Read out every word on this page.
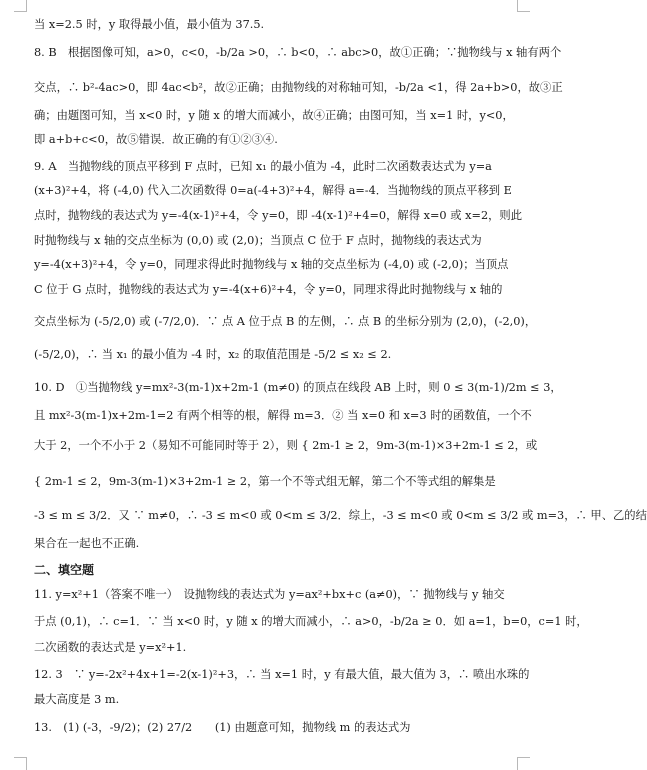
当 x=2.5 时，y 取得最小值，最小值为 37.5.
8. B　根据图像可知，a>0，c<0，-b/2a >0，∴ b<0，∴ abc>0，故①正确；∵抛物线与 x 轴有两个
交点，∴ b²-4ac>0，即 4ac<b²，故②正确；由抛物线的对称轴可知，-b/2a <1，得 2a+b>0，故③正
确；由题图可知，当 x<0 时，y 随 x 的增大而减小，故④正确；由图可知，当 x=1 时，y<0，
即 a+b+c<0，故⑤错误．故正确的有①②③④.
9. A　当抛物线的顶点平移到 F 点时，已知 x₁ 的最小值为 -4，此时二次函数表达式为 y=a
(x+3)²+4，将 (-4,0) 代入二次函数得 0=a(-4+3)²+4，解得 a=-4．当抛物线的顶点平移到 E
点时，抛物线的表达式为 y=-4(x-1)²+4，令 y=0，即 -4(x-1)²+4=0，解得 x=0 或 x=2，则此
时抛物线与 x 轴的交点坐标为 (0,0) 或 (2,0)；当顶点 C 位于 F 点时，抛物线的表达式为
y=-4(x+3)²+4，令 y=0，同理求得此时抛物线与 x 轴的交点坐标为 (-4,0) 或 (-2,0)；当顶点
C 位于 G 点时，抛物线的表达式为 y=-4(x+6)²+4，令 y=0，同理求得此时抛物线与 x 轴的
交点坐标为 (-5/2,0) 或 (-7/2,0)．∵ 点 A 位于点 B 的左侧，∴ 点 B 的坐标分别为 (2,0)，(-2,0)，
(-5/2,0)，∴ 当 x₁ 的最小值为 -4 时，x₂ 的取值范围是 -5/2 ≤ x₂ ≤ 2.
10. D　①当抛物线 y=mx²-3(m-1)x+2m-1 (m≠0) 的顶点在线段 AB 上时，则 0 ≤ 3(m-1)/2m ≤ 3，
且 mx²-3(m-1)x+2m-1=2 有两个相等的根，解得 m=3．② 当 x=0 和 x=3 时的函数值，一个不
大于 2，一个不小于 2（易知不可能同时等于 2），则 { 2m-1 ≥ 2，9m-3(m-1)×3+2m-1 ≤ 2，或
{ 2m-1 ≤ 2，9m-3(m-1)×3+2m-1 ≥ 2，第一个不等式组无解，第二个不等式组的解集是
-3 ≤ m ≤ 3/2．又 ∵ m≠0，∴ -3 ≤ m<0 或 0<m ≤ 3/2．综上，-3 ≤ m<0 或 0<m ≤ 3/2 或 m=3，∴ 甲、乙的结
果合在一起也不正确.
二、填空题
11. y=x²+1（答案不唯一）　设抛物线的表达式为 y=ax²+bx+c (a≠0)，∵ 抛物线与 y 轴交
于点 (0,1)，∴ c=1．∵ 当 x<0 时，y 随 x 的增大而减小，∴ a>0，-b/2a ≥ 0．如 a=1，b=0，c=1 时，
二次函数的表达式是 y=x²+1.
12. 3　∵ y=-2x²+4x+1=-2(x-1)²+3，∴ 当 x=1 时，y 有最大值，最大值为 3，∴ 喷出水珠的
最大高度是 3 m.
13.　(1) (-3，-9/2)；(2) 27/2　　(1) 由题意可知，抛物线 m 的表达式为
